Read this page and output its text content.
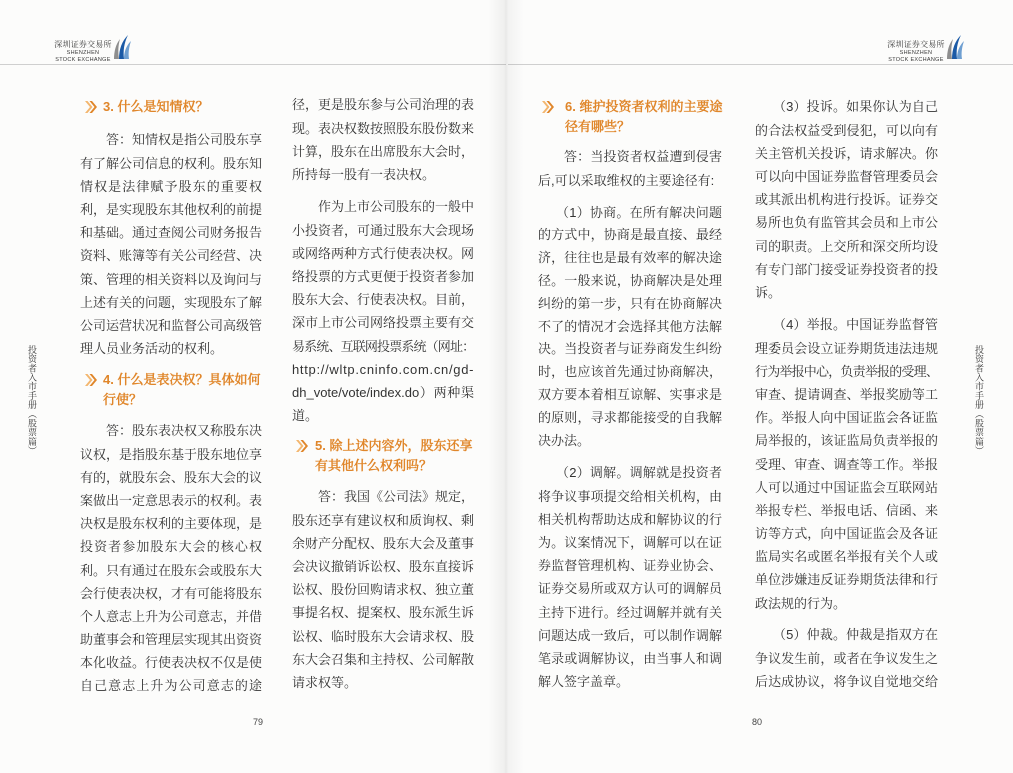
深圳证券交易所
SHENZHEN
STOCK EXCHANGE
投资者入市手册（股票篇）
3. 什么是知情权？
答：知情权是指公司股东享
有了解公司信息的权利。股东知
情权是法律赋予股东的重要权
利，是实现股东其他权利的前提
和基础。通过查阅公司财务报告
资料、账簿等有关公司经营、决
策、管理的相关资料以及询问与
上述有关的问题，实现股东了解
公司运营状况和监督公司高级管
理人员业务活动的权利。
4. 什么是表决权？具体如何
行使？
答：股东表决权又称股东决
议权，是指股东基于股东地位享
有的，就股东会、股东大会的议
案做出一定意思表示的权利。表
决权是股东权利的主要体现，是
投资者参加股东大会的核心权
利。只有通过在股东会或股东大
会行使表决权，才有可能将股东
个人意志上升为公司意志，并借
助董事会和管理层实现其出资资
本化收益。行使表决权不仅是使
自己意志上升为公司意志的途
径，更是股东参与公司治理的表
现。表决权数按照股东股份数来
计算，股东在出席股东大会时，
所持每一股有一表决权。
作为上市公司股东的一般中
小投资者，可通过股东大会现场
或网络两种方式行使表决权。网
络投票的方式更便于投资者参加
股东大会、行使表决权。目前，
深市上市公司网络投票主要有交
易系统、互联网投票系统（网址：
http://wltp.cninfo.com.cn/gd-
dh_vote/vote/index.do）两种渠
道。
5. 除上述内容外，股东还享
有其他什么权利吗？
答：我国《公司法》规定，
股东还享有建议权和质询权、剩
余财产分配权、股东大会及董事
会决议撤销诉讼权、股东直接诉
讼权、股份回购请求权、独立董
事提名权、提案权、股东派生诉
讼权、临时股东大会请求权、股
东大会召集和主持权、公司解散
请求权等。
79
深圳证券交易所
SHENZHEN
STOCK EXCHANGE
投资者入市手册（股票篇）
6. 维护投资者权利的主要途
径有哪些？
答：当投资者权益遭到侵害
后,可以采取维权的主要途径有:
（1）协商。在所有解决问题
的方式中，协商是最直接、最经
济，往往也是最有效率的解决途
径。一般来说，协商解决是处理
纠纷的第一步，只有在协商解决
不了的情况才会选择其他方法解
决。当投资者与证券商发生纠纷
时，也应该首先通过协商解决，
双方要本着相互谅解、实事求是
的原则，寻求都能接受的自我解
决办法。
（2）调解。调解就是投资者
将争议事项提交给相关机构，由
相关机构帮助达成和解协议的行
为。议案情况下，调解可以在证
券监督管理机构、证券业协会、
证券交易所或双方认可的调解员
主持下进行。经过调解并就有关
问题达成一致后，可以制作调解
笔录或调解协议，由当事人和调
解人签字盖章。
（3）投诉。如果你认为自己
的合法权益受到侵犯，可以向有
关主管机关投诉，请求解决。你
可以向中国证券监督管理委员会
或其派出机构进行投诉。证券交
易所也负有监管其会员和上市公
司的职责。上交所和深交所均设
有专门部门接受证券投资者的投
诉。
（4）举报。中国证券监督管
理委员会设立证券期货违法违规
行为举报中心，负责举报的受理、
审查、提请调查、举报奖励等工
作。举报人向中国证监会各证监
局举报的，该证监局负责举报的
受理、审查、调查等工作。举报
人可以通过中国证监会互联网站
举报专栏、举报电话、信函、来
访等方式，向中国证监会及各证
监局实名或匿名举报有关个人或
单位涉嫌违反证券期货法律和行
政法规的行为。
（5）仲裁。仲裁是指双方在
争议发生前，或者在争议发生之
后达成协议，将争议自觉地交给
80
